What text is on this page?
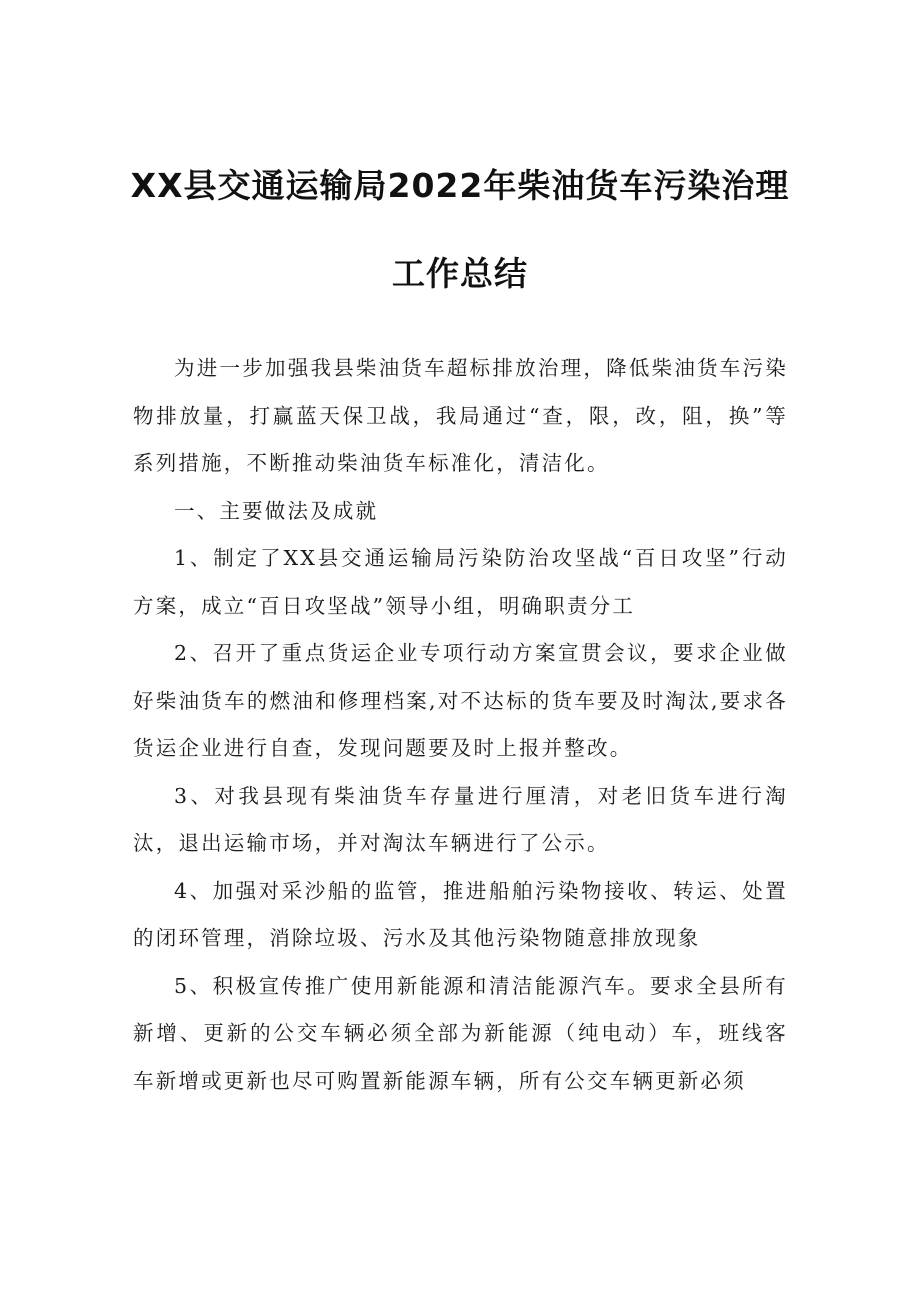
XX县交通运输局2022年柴油货车污染治理
工作总结

为进一步加强我县柴油货车超标排放治理，降低柴油货车污染物排放量，打赢蓝天保卫战，我局通过“查，限，改，阻，换”等系列措施，不断推动柴油货车标准化，清洁化。

一、主要做法及成就

1、制定了XX县交通运输局污染防治攻坚战“百日攻坚”行动方案，成立“百日攻坚战”领导小组，明确职责分工

2、召开了重点货运企业专项行动方案宣贯会议，要求企业做好柴油货车的燃油和修理档案,对不达标的货车要及时淘汰,要求各货运企业进行自查，发现问题要及时上报并整改。

3、对我县现有柴油货车存量进行厘清，对老旧货车进行淘汰，退出运输市场，并对淘汰车辆进行了公示。

4、加强对采沙船的监管，推进船舶污染物接收、转运、处置的闭环管理，消除垃圾、污水及其他污染物随意排放现象

5、积极宣传推广使用新能源和清洁能源汽车。要求全县所有新增、更新的公交车辆必须全部为新能源（纯电动）车，班线客车新增或更新也尽可购置新能源车辆，所有公交车辆更新必须
